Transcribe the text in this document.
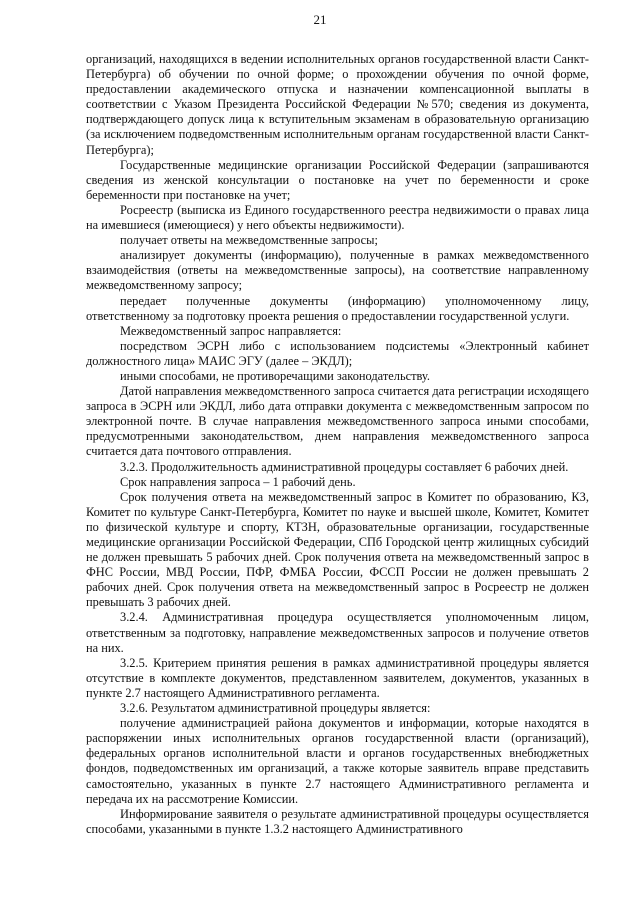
21

организаций, находящихся в ведении исполнительных органов государственной власти Санкт-Петербурга) об обучении по очной форме; о прохождении обучения по очной форме, предоставлении академического отпуска и назначении компенсационной выплаты в соответствии с Указом Президента Российской Федерации №570; сведения из документа, подтверждающего допуск лица к вступительным экзаменам в образовательную организацию (за исключением подведомственным исполнительным органам государственной власти Санкт-Петербурга);

Государственные медицинские организации Российской Федерации (запрашиваются сведения из женской консультации о постановке на учет по беременности и сроке беременности при постановке на учет;

Росреестр (выписка из Единого государственного реестра недвижимости о правах лица на имевшиеся (имеющиеся) у него объекты недвижимости).

получает ответы на межведомственные запросы;

анализирует документы (информацию), полученные в рамках межведомственного взаимодействия (ответы на межведомственные запросы), на соответствие направленному межведомственному запросу;

передает полученные документы (информацию) уполномоченному лицу, ответственному за подготовку проекта решения о предоставлении государственной услуги.

Межведомственный запрос направляется:

посредством ЭСРН либо с использованием подсистемы «Электронный кабинет должностного лица» МАИС ЭГУ (далее – ЭКДЛ);

иными способами, не противоречащими законодательству.

Датой направления межведомственного запроса считается дата регистрации исходящего запроса в ЭСРН или ЭКДЛ, либо дата отправки документа с межведомственным запросом по электронной почте. В случае направления межведомственного запроса иными способами, предусмотренными законодательством, днем направления межведомственного запроса считается дата почтового отправления.

3.2.3. Продолжительность административной процедуры составляет 6 рабочих дней.

Срок направления запроса – 1 рабочий день.

Срок получения ответа на межведомственный запрос в Комитет по образованию, КЗ, Комитет по культуре Санкт-Петербурга, Комитет по науке и высшей школе, Комитет, Комитет по физической культуре и спорту, КТЗН, образовательные организации, государственные медицинские организации Российской Федерации, СПб Городской центр жилищных субсидий не должен превышать 5 рабочих дней. Срок получения ответа на межведомственный запрос в ФНС России, МВД России, ПФР, ФМБА России, ФССП России не должен превышать 2 рабочих дней. Срок получения ответа на межведомственный запрос в Росреестр не должен превышать 3 рабочих дней.

3.2.4. Административная процедура осуществляется уполномоченным лицом, ответственным за подготовку, направление межведомственных запросов и получение ответов на них.

3.2.5. Критерием принятия решения в рамках административной процедуры является отсутствие в комплекте документов, представленном заявителем, документов, указанных в пункте 2.7 настоящего Административного регламента.

3.2.6. Результатом административной процедуры является:

получение администрацией района документов и информации, которые находятся в распоряжении иных исполнительных органов государственной власти (организаций), федеральных органов исполнительной власти и органов государственных внебюджетных фондов, подведомственных им организаций, а также которые заявитель вправе представить самостоятельно, указанных в пункте 2.7 настоящего Административного регламента и передача их на рассмотрение Комиссии.

Информирование заявителя о результате административной процедуры осуществляется способами, указанными в пункте 1.3.2 настоящего Административного
